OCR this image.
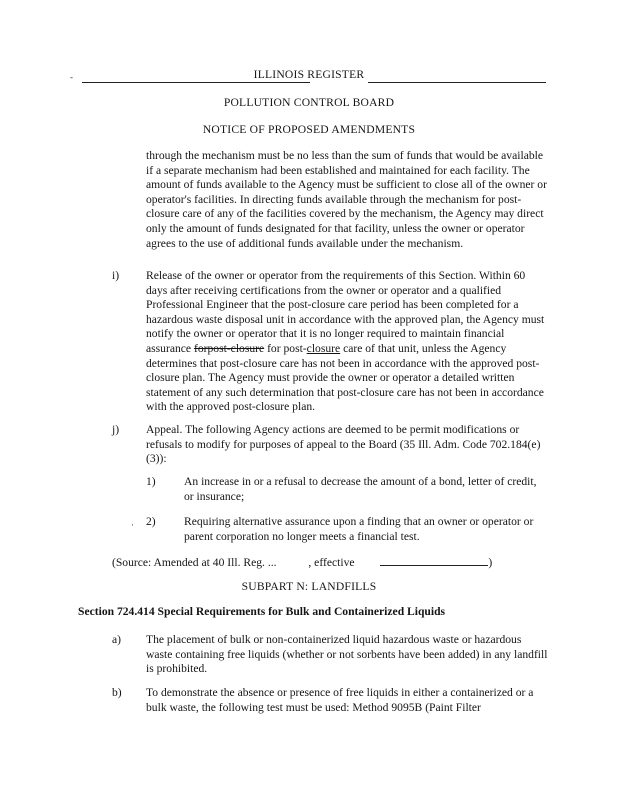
-	ILLINOIS REGISTER
POLLUTION CONTROL BOARD
NOTICE OF PROPOSED AMENDMENTS
through the mechanism must be no less than the sum of funds that would be available if a separate mechanism had been established and maintained for each facility. The amount of funds available to the Agency must be sufficient to close all of the owner or operator's facilities. In directing funds available through the mechanism for post-closure care of any of the facilities covered by the mechanism, the Agency may direct only the amount of funds designated for that facility, unless the owner or operator agrees to the use of additional funds available under the mechanism.
i) Release of the owner or operator from the requirements of this Section. Within 60 days after receiving certifications from the owner or operator and a qualified Professional Engineer that the post-closure care period has been completed for a hazardous waste disposal unit in accordance with the approved plan, the Agency must notify the owner or operator that it is no longer required to maintain financial assurance forpost-closure for post-closure care of that unit, unless the Agency determines that post-closure care has not been in accordance with the approved post-closure plan. The Agency must provide the owner or operator a detailed written statement of any such determination that post-closure care has not been in accordance with the approved post-closure plan.
j) Appeal. The following Agency actions are deemed to be permit modifications or refusals to modify for purposes of appeal to the Board (35 Ill. Adm. Code 702.184(e)(3)):
1) An increase in or a refusal to decrease the amount of a bond, letter of credit, or insurance;
· 2) Requiring alternative assurance upon a finding that an owner or operator or parent corporation no longer meets a financial test.
(Source: Amended at 40 Ill. Reg. ...	, effective	)
SUBPART N: LANDFILLS
Section 724.414 Special Requirements for Bulk and Containerized Liquids
a) The placement of bulk or non-containerized liquid hazardous waste or hazardous waste containing free liquids (whether or not sorbents have been added) in any landfill is prohibited.
b) To demonstrate the absence or presence of free liquids in either a containerized or a bulk waste, the following test must be used: Method 9095B (Paint Filter
